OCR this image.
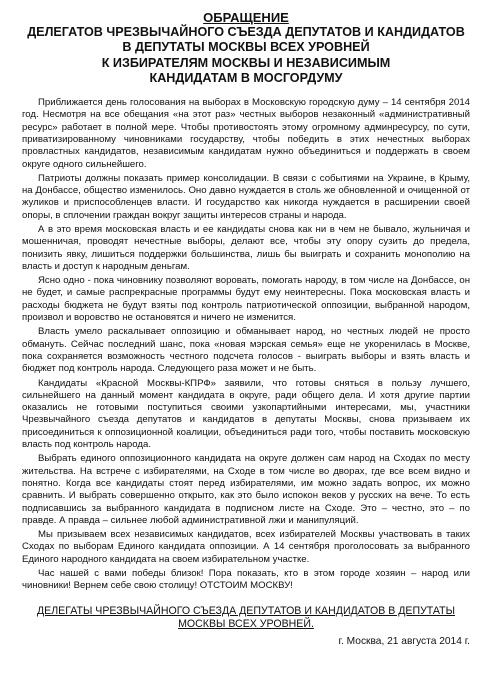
ОБРАЩЕНИЕ
ДЕЛЕГАТОВ ЧРЕЗВЫЧАЙНОГО СЪЕЗДА ДЕПУТАТОВ И КАНДИДАТОВ
В ДЕПУТАТЫ МОСКВЫ ВСЕХ УРОВНЕЙ
К ИЗБИРАТЕЛЯМ МОСКВЫ И НЕЗАВИСИМЫМ
КАНДИДАТАМ В МОСГОРДУМУ

Приближается день голосования на выборах в Московскую городскую думу – 14 сентября 2014 год. Несмотря на все обещания «на этот раз» честных выборов незаконный «административный ресурс» работает в полной мере. Чтобы противостоять этому огромному админресурсу, по сути, приватизированному чиновниками государству, чтобы победить в этих нечестных выборах провластных кандидатов, независимым кандидатам нужно объединиться и поддержать в своем округе одного сильнейшего.

Патриоты должны показать пример консолидации. В связи с событиями на Украине, в Крыму, на Донбассе, общество изменилось. Оно давно нуждается в столь же обновленной и очищенной от жуликов и приспособленцев власти. И государство как никогда нуждается в расширении своей опоры, в сплочении граждан вокруг защиты интересов страны и народа.

А в это время московская власть и ее кандидаты снова как ни в чем не бывало, жульничая и мошенничая, проводят нечестные выборы, делают все, чтобы эту опору сузить до предела, понизить явку, лишиться поддержки большинства, лишь бы выиграть и сохранить монополию на власть и доступ к народным деньгам.

Ясно одно - пока чиновнику позволяют воровать, помогать народу, в том числе на Донбассе, он не будет, и самые распрекрасные программы будут ему неинтересны. Пока московская власть и расходы бюджета не будут взяты под контроль патриотической оппозиции, выбранной народом, произвол и воровство не остановятся и ничего не изменится.

Власть умело раскалывает оппозицию и обманывает народ, но честных людей не просто обмануть. Сейчас последний шанс, пока «новая мэрская семья» еще не укоренилась в Москве, пока сохраняется возможность честного подсчета голосов - выиграть выборы и взять власть и бюджет под контроль народа. Следующего раза может и не быть.

Кандидаты «Красной Москвы-КПРФ» заявили, что готовы сняться в пользу лучшего, сильнейшего на данный момент кандидата в округе, ради общего дела. И хотя другие партии оказались не готовыми поступиться своими узкопартийными интересами, мы, участники Чрезвычайного съезда депутатов и кандидатов в депутаты Москвы, снова призываем их присоединиться к оппозиционной коалиции, объединиться ради того, чтобы поставить московскую власть под контроль народа.

Выбрать единого оппозиционного кандидата на округе должен сам народ на Сходах по месту жительства. На встрече с избирателями, на Сходе в том числе во дворах, где все всем видно и понятно. Когда все кандидаты стоят перед избирателями, им можно задать вопрос, их можно сравнить. И выбрать совершенно открыто, как это было испокон веков у русских на вече. То есть подписавшись за выбранного кандидата в подписном листе на Сходе. Это – честно, это – по правде. А правда – сильнее любой административной лжи и манипуляций.

Мы призываем всех независимых кандидатов, всех избирателей Москвы участвовать в таких Сходах по выборам Единого кандидата оппозиции. А 14 сентября проголосовать за выбранного Единого народного кандидата на своем избирательном участке.

Час нашей с вами победы близок! Пора показать, кто в этом городе хозяин – народ или чиновники! Вернем себе свою столицу! ОТСТОИМ МОСКВУ!

ДЕЛЕГАТЫ ЧРЕЗВЫЧАЙНОГО СЪЕЗДА ДЕПУТАТОВ И КАНДИДАТОВ В ДЕПУТАТЫ МОСКВЫ ВСЕХ УРОВНЕЙ.
г. Москва, 21 августа 2014 г.
